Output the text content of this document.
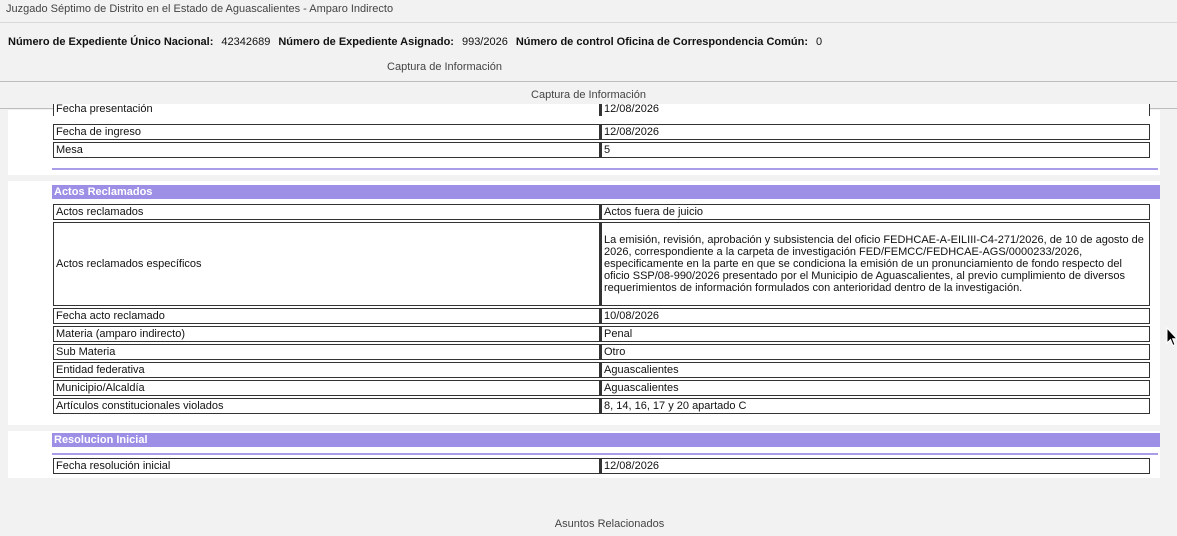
Juzgado Séptimo de Distrito en el Estado de Aguascalientes - Amparo Indirecto
Número de Expediente Único Nacional: 42342689 Número de Expediente Asignado: 993/2026 Número de control Oficina de Correspondencia Común: 0
Captura de Información
Captura de Información
Fecha presentación	12/08/2026
Fecha de ingreso	12/08/2026
Mesa	5
Actos Reclamados
Actos reclamados	Actos fuera de juicio
Actos reclamados específicos	La emisión, revisión, aprobación y subsistencia del oficio FEDHCAE-A-EILIII-C4-271/2026, de 10 de agosto de 2026, correspondiente a la carpeta de investigación FED/FEMCC/FEDHCAE-AGS/0000233/2026, especificamente en la parte en que se condiciona la emisión de un pronunciamiento de fondo respecto del oficio SSP/08-990/2026 presentado por el Municipio de Aguascalientes, al previo cumplimiento de diversos requerimientos de información formulados con anterioridad dentro de la investigación.
Fecha acto reclamado	10/08/2026
Materia (amparo indirecto)	Penal
Sub Materia	Otro
Entidad federativa	Aguascalientes
Municipio/Alcaldía	Aguascalientes
Artículos constitucionales violados	8, 14, 16, 17 y 20 apartado C
Resolucion Inicial
Fecha resolución inicial	12/08/2026
Asuntos Relacionados
